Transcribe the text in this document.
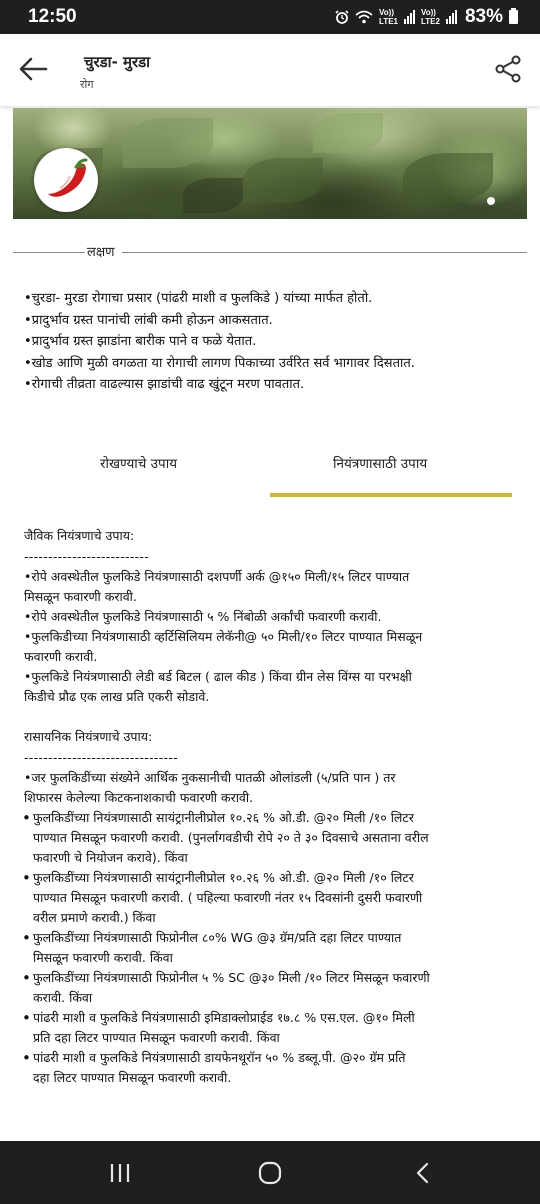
12:50	Vo))
LTE1
Vo))
LTE2 83%
चुरडा- मुरडा
रोग
लक्षण

•चुरडा- मुरडा रोगाचा प्रसार (पांढरी माशी व फुलकिडे ) यांच्या मार्फत होतो.

•प्रादुर्भाव ग्रस्त पानांची लांबी कमी होऊन आकसतात.

•प्रादुर्भाव ग्रस्त झाडांना बारीक पाने व फळे येतात.

•खोड आणि मुळी वगळता या रोगाची लागण पिकाच्या उर्वरित सर्व भागावर दिसतात.

•रोगाची तीव्रता वाढल्यास झाडांची वाढ खुंटून मरण पावतात.

रोखण्याचे उपाय	नियंत्रणासाठी उपाय
जैविक नियंत्रणाचे उपाय:
--------------------------
•रोपे अवस्थेतील फुलकिडे नियंत्रणासाठी दशपर्णी अर्क @१५० मिली/१५ लिटर पाण्यात
मिसळून फवारणी करावी.
•रोपे अवस्थेतील फुलकिडे नियंत्रणासाठी ५ % निंबोळी अर्कांची फवारणी करावी.
•फुलकिडीच्या नियंत्रणासाठी व्हर्टिसिलियम लेकॅनी@ ५० मिली/१० लिटर पाण्यात मिसळून
फवारणी करावी.
•फुलकिडे नियंत्रणासाठी लेडी बर्ड बिटल ( ढाल कीड ) किंवा ग्रीन लेस विंग्स या परभक्षी
किडीचे प्रौढ एक लाख प्रति एकरी सोडावे.
रासायनिक नियंत्रणाचे उपाय:
--------------------------------
•जर फुलकिडींच्या संख्येने आर्थिक नुकसानीची पातळी ओलांडली (५/प्रति पान ) तर
शिफारस केलेल्या किटकनाशकाची फवारणी करावी.
• फुलकिडींच्या नियंत्रणासाठी सायंट्रानीलीप्रोल १०.२६ % ओ.डी. @२० मिली /१० लिटर
पाण्यात मिसळून फवारणी करावी. (पुनर्लागवडीची रोपे २० ते ३० दिवसाचे असताना वरील
फवारणी चे नियोजन करावे). किंवा
• फुलकिडींच्या नियंत्रणासाठी सायंट्रानीलीप्रोल १०.२६ % ओ.डी. @२० मिली /१० लिटर
पाण्यात मिसळून फवारणी करावी. ( पहिल्या फवारणी नंतर १५ दिवसांनी दुसरी फवारणी
वरील प्रमाणे करावी.) किंवा
• फुलकिडींच्या नियंत्रणासाठी फिप्रोनील ८०% WG @३ ग्रॅम/प्रति दहा लिटर पाण्यात
मिसळून फवारणी करावी. किंवा
• फुलकिडींच्या नियंत्रणासाठी फिप्रोनील ५ % SC @३० मिली /१० लिटर मिसळून फवारणी
करावी. किंवा
• पांढरी माशी व फुलकिडे नियंत्रणासाठी इमिडाक्लोप्राईड १७.८ % एस.एल. @१० मिली
प्रति दहा लिटर पाण्यात मिसळून फवारणी करावी. किंवा
• पांढरी माशी व फुलकिडे नियंत्रणासाठी डायफेनथूरॉन ५० % डब्लू.पी. @२० ग्रॅम प्रति
दहा लिटर पाण्यात मिसळून फवारणी करावी.
